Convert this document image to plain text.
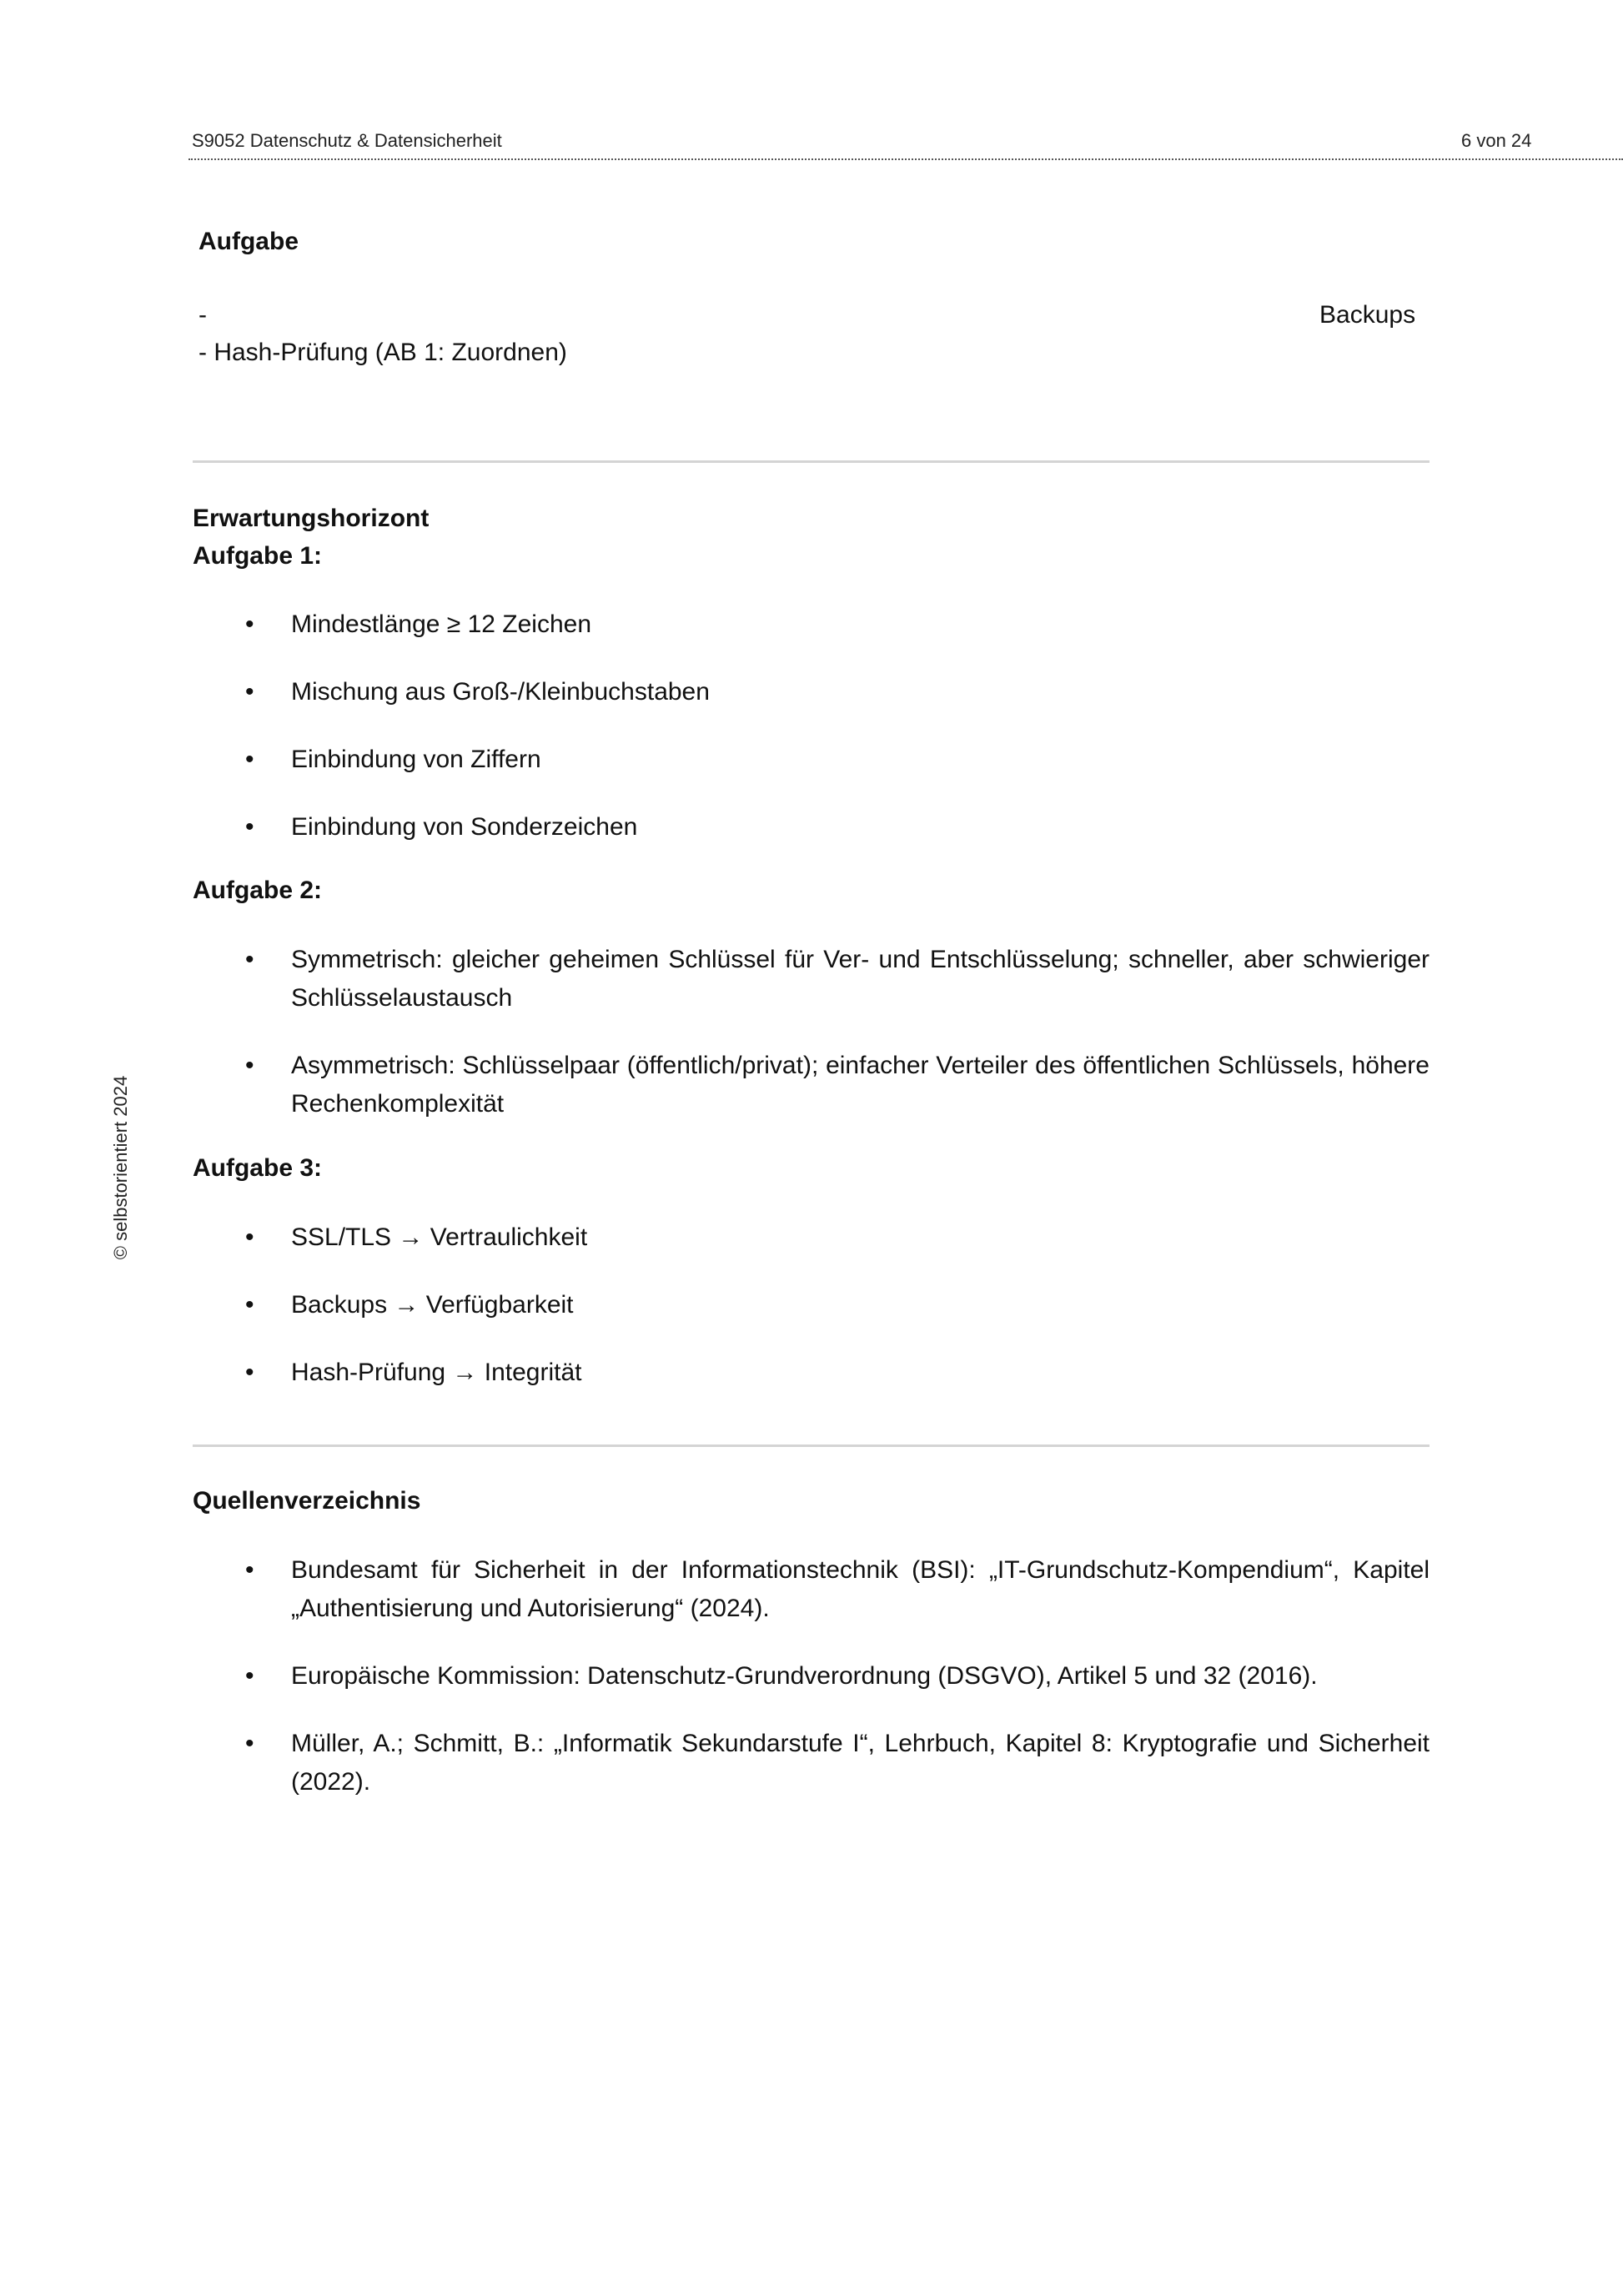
S9052 Datenschutz & Datensicherheit	6 von 24
© selbstorientiert 2024
Aufgabe
-	Backups
- Hash-Prüfung (AB 1: Zuordnen)
Erwartungshorizont
Aufgabe 1:
• Mindestlänge ≥ 12 Zeichen
• Mischung aus Groß-/Kleinbuchstaben
• Einbindung von Ziffern
• Einbindung von Sonderzeichen
Aufgabe 2:
• Symmetrisch: gleicher geheimen Schlüssel für Ver- und Entschlüsselung; schneller, aber schwieriger Schlüsselaustausch
• Asymmetrisch: Schlüsselpaar (öffentlich/privat); einfacher Verteiler des öffentlichen Schlüssels, höhere Rechenkomplexität
Aufgabe 3:
• SSL/TLS → Vertraulichkeit
• Backups → Verfügbarkeit
• Hash-Prüfung → Integrität
Quellenverzeichnis
• Bundesamt für Sicherheit in der Informationstechnik (BSI): „IT-Grundschutz-Kompendium“, Kapitel „Authentisierung und Autorisierung“ (2024).
• Europäische Kommission: Datenschutz-Grundverordnung (DSGVO), Artikel 5 und 32 (2016).
• Müller, A.; Schmitt, B.: „Informatik Sekundarstufe I“, Lehrbuch, Kapitel 8: Kryptografie und Sicherheit (2022).
